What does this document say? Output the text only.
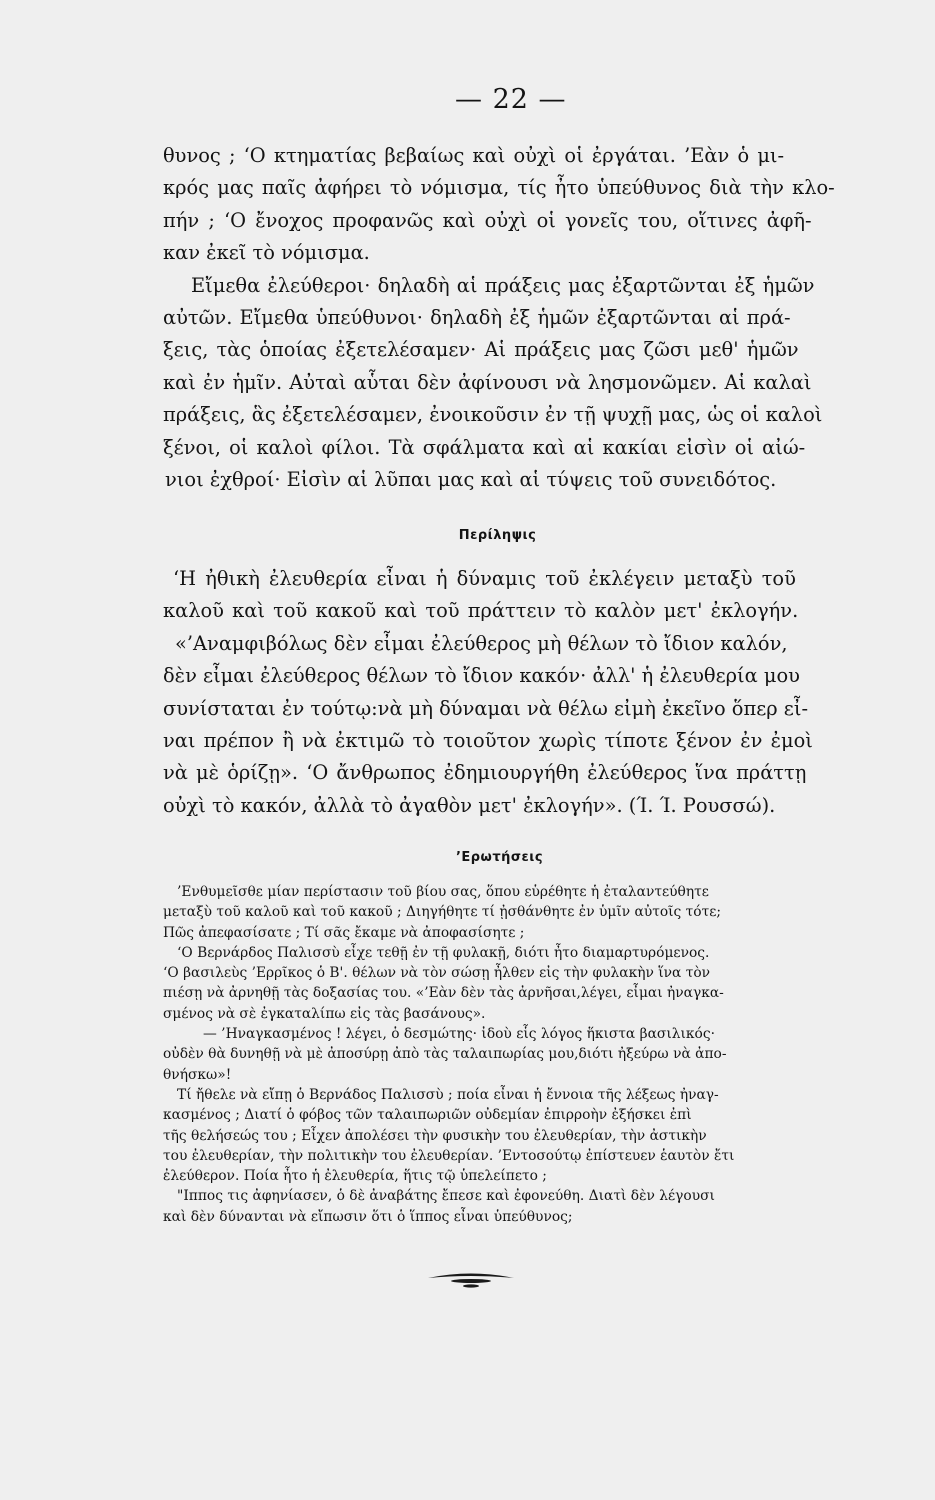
— 22 —
θυνος ; ‘Ο κτηματίας βεβαίως καὶ οὐχὶ οἱ ἐργάται. ’Εὰν ὁ μι-
κρός μας παῖς ἀφήρει τὸ νόμισμα, τίς ἦτο ὑπεύθυνος διὰ τὴν κλο-
πήν ; ‘Ο ἔνοχος προφανῶς καὶ οὐχὶ οἱ γονεῖς του, οἵτινες ἀφῆ-
καν ἐκεῖ τὸ νόμισμα.
Εἴμεθα ἐλεύθεροι· δηλαδὴ αἱ πράξεις μας ἐξαρτῶνται ἐξ ἡμῶν
αὐτῶν. Εἴμεθα ὑπεύθυνοι· δηλαδὴ ἐξ ἡμῶν ἐξαρτῶνται αἱ πρά-
ξεις, τὰς ὁποίας ἐξετελέσαμεν· Αἱ πράξεις μας ζῶσι μεθ' ἡμῶν
καὶ ἐν ἡμῖν. Αὐταὶ αὗται δὲν ἀφίνουσι νὰ λησμονῶμεν. Αἱ καλαὶ
πράξεις, ἃς ἐξετελέσαμεν, ἐνοικοῦσιν ἐν τῇ ψυχῇ μας, ὡς οἱ καλοὶ
ξένοι, οἱ καλοὶ φίλοι. Τὰ σφάλματα καὶ αἱ κακίαι εἰσὶν οἱ αἰώ-
νιοι ἐχθροί· Εἰσὶν αἱ λῦπαι μας καὶ αἱ τύψεις τοῦ συνειδότος.
Περίληψις
‘Η ἠθικὴ ἐλευθερία εἶναι ἡ δύναμις τοῦ ἐκλέγειν μεταξὺ τοῦ
καλοῦ καὶ τοῦ κακοῦ καὶ τοῦ πράττειν τὸ καλὸν μετ' ἐκλογήν.
«’Αναμφιβόλως δὲν εἶμαι ἐλεύθερος μὴ θέλων τὸ ἴδιον καλόν,
δὲν εἶμαι ἐλεύθερος θέλων τὸ ἴδιον κακόν· ἀλλ' ἡ ἐλευθερία μου
συνίσταται ἐν τούτῳ:νὰ μὴ δύναμαι νὰ θέλω εἰμὴ ἐκεῖνο ὅπερ εἶ-
ναι πρέπον ἢ νὰ ἐκτιμῶ τὸ τοιοῦτον χωρὶς τίποτε ξένον ἐν ἐμοὶ
νὰ μὲ ὁρίζῃ». ‘Ο ἄνθρωπος ἐδημιουργήθη ἐλεύθερος ἵνα πράττῃ
οὐχὶ τὸ κακόν, ἀλλὰ τὸ ἀγαθὸν μετ' ἐκλογήν». (Ί. Ί. Ρουσσώ).
’Ερωτήσεις
’Ενθυμεῖσθε μίαν περίστασιν τοῦ βίου σας, ὅπου εὑρέθητε ἡ ἐταλαντεύθητε
μεταξὺ τοῦ καλοῦ καὶ τοῦ κακοῦ ; Διηγήθητε τί ᾐσθάνθητε ἐν ὑμῖν αὐτοῖς τότε;
Πῶς ἀπεφασίσατε ; Τί σᾶς ἔκαμε νὰ ἀποφασίσητε ;
‘Ο Βερνάρδος Παλισσὺ εἶχε τεθῇ ἐν τῇ φυλακῇ, διότι ἦτο διαμαρτυρόμενος.
‘Ο βασιλεὺς ’Ερρῖκος ὁ Β'. θέλων νὰ τὸν σώσῃ ἦλθεν εἰς τὴν φυλακὴν ἵνα τὸν
πιέσῃ νὰ ἀρνηθῇ τὰς δοξασίας του. «’Εὰν δὲν τὰς ἀρνῆσαι,λέγει, εἶμαι ἠναγκα-
σμένος νὰ σὲ ἐγκαταλίπω εἰς τὰς βασάνους».
— ’Ηναγκασμένος ! λέγει, ὁ δεσμώτης· ἰδοὺ εἷς λόγος ἥκιστα βασιλικός·
οὐδὲν θὰ δυνηθῇ νὰ μὲ ἀποσύρῃ ἀπὸ τὰς ταλαιπωρίας μου,διότι ἠξεύρω νὰ ἀπο-
θνήσκω»!
Τί ἤθελε νὰ εἴπῃ ὁ Βερνάδος Παλισσὺ ; ποία εἶναι ἡ ἔννοια τῆς λέξεως ἠναγ-
κασμένος ; Διατί ὁ φόβος τῶν ταλαιπωριῶν οὐδεμίαν ἐπιρροὴν ἐξήσκει ἐπὶ
τῆς θελήσεώς του ; Εἶχεν ἀπολέσει τὴν φυσικὴν του ἐλευθερίαν, τὴν ἀστικὴν
του ἐλευθερίαν, τὴν πολιτικὴν του ἐλευθερίαν. ’Εντοσούτῳ ἐπίστευεν ἑαυτὸν ἔτι
ἐλεύθερον. Ποία ἦτο ἡ ἐλευθερία, ἥτις τῷ ὑπελείπετο ;
"Ιππος τις ἀφηνίασεν, ὁ δὲ ἀναβάτης ἔπεσε καὶ ἐφονεύθη. Διατὶ δὲν λέγουσι
καὶ δὲν δύνανται νὰ εἴπωσιν ὅτι ὁ ἵππος εἶναι ὑπεύθυνος;
